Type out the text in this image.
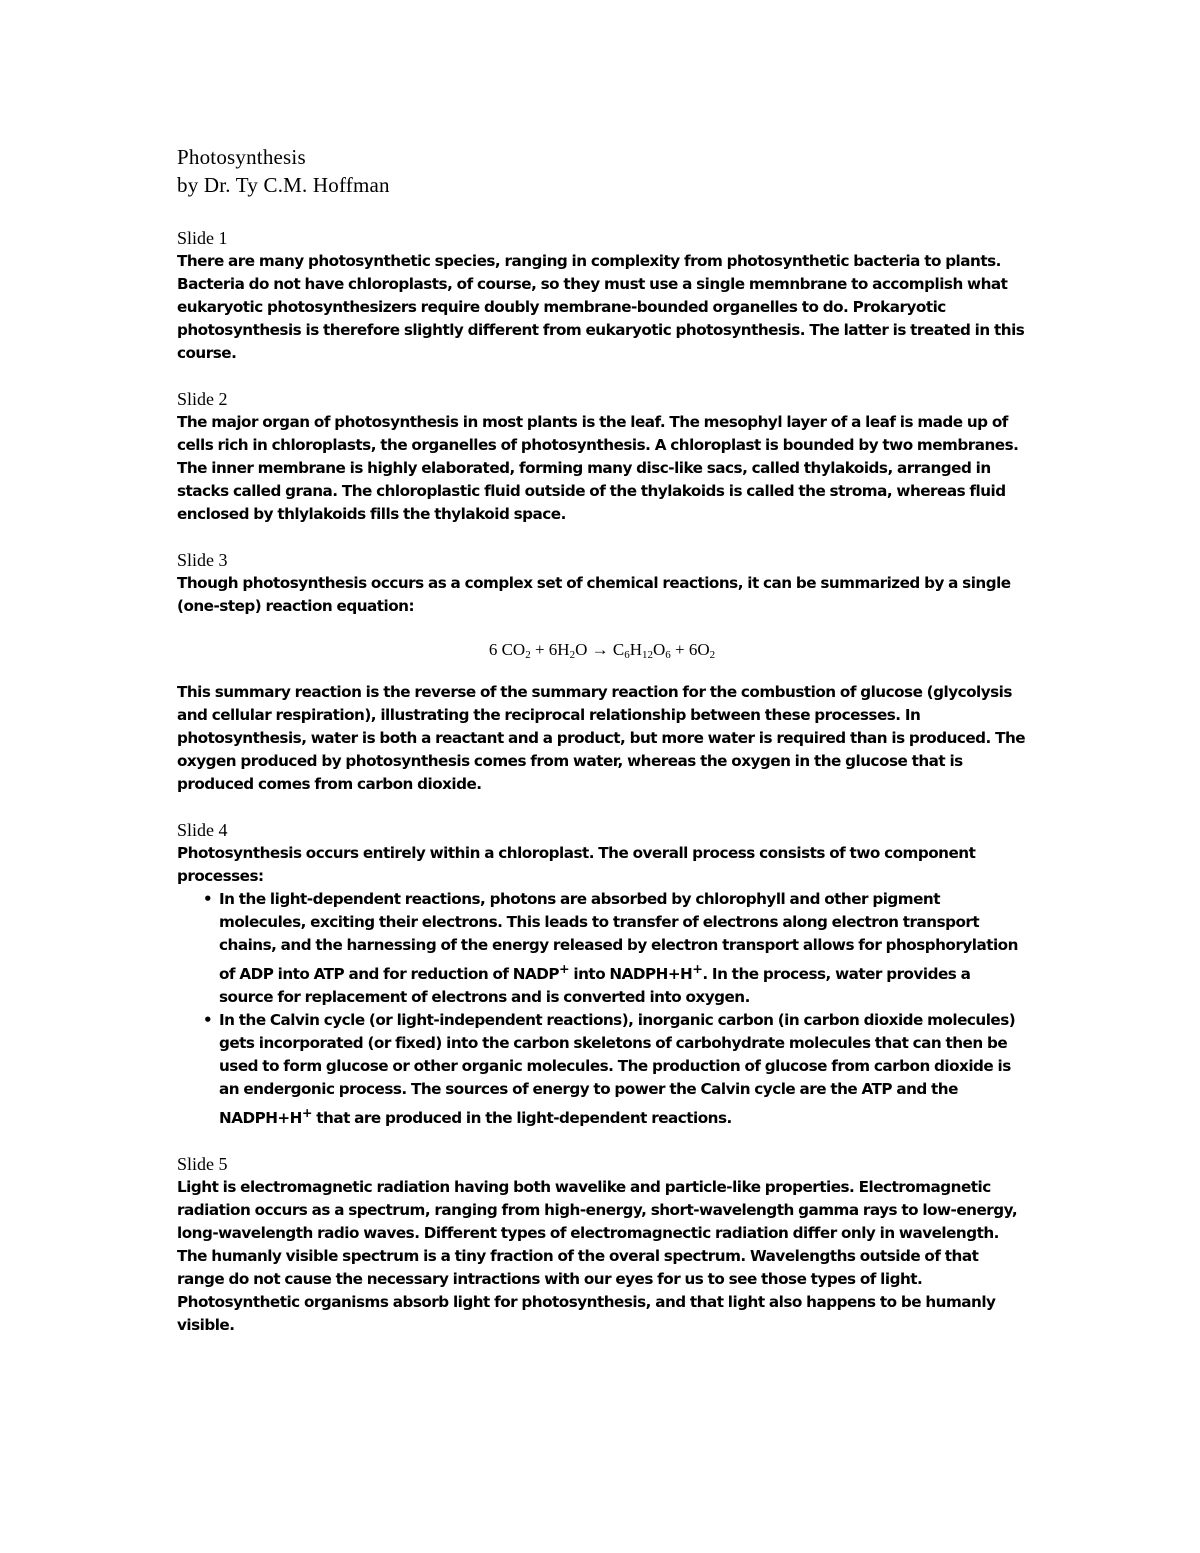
Photosynthesis
by Dr. Ty C.M. Hoffman
Slide 1
There are many photosynthetic species, ranging in complexity from photosynthetic bacteria to plants. Bacteria do not have chloroplasts, of course, so they must use a single memnbrane to accomplish what eukaryotic photosynthesizers require doubly membrane-bounded organelles to do. Prokaryotic photosynthesis is therefore slightly different from eukaryotic photosynthesis. The latter is treated in this course.
Slide 2
The major organ of photosynthesis in most plants is the leaf. The mesophyl layer of a leaf is made up of cells rich in chloroplasts, the organelles of photosynthesis. A chloroplast is bounded by two membranes. The inner membrane is highly elaborated, forming many disc-like sacs, called thylakoids, arranged in stacks called grana. The chloroplastic fluid outside of the thylakoids is called the stroma, whereas fluid enclosed by thlylakoids fills the thylakoid space.
Slide 3
Though photosynthesis occurs as a complex set of chemical reactions, it can be summarized by a single (one-step) reaction equation:
6 $CO_2 + 6H_2O \to C_6H_{12}O_6 + 6O_2$
This summary reaction is the reverse of the summary reaction for the combustion of glucose (glycolysis and cellular respiration), illustrating the reciprocal relationship between these processes. In photosynthesis, water is both a reactant and a product, but more water is required than is produced. The oxygen produced by photosynthesis comes from water, whereas the oxygen in the glucose that is produced comes from carbon dioxide.
Slide 4
Photosynthesis occurs entirely within a chloroplast. The overall process consists of two component processes:
• In the light-dependent reactions, photons are absorbed by chlorophyll and other pigment molecules, exciting their electrons. This leads to transfer of electrons along electron transport chains, and the harnessing of the energy released by electron transport allows for phosphorylation of ADP into ATP and for reduction of NADP+ into NADPH+H+. In the process, water provides a source for replacement of electrons and is converted into oxygen.
• In the Calvin cycle (or light-independent reactions), inorganic carbon (in carbon dioxide molecules) gets incorporated (or fixed) into the carbon skeletons of carbohydrate molecules that can then be used to form glucose or other organic molecules. The production of glucose from carbon dioxide is an endergonic process. The sources of energy to power the Calvin cycle are the ATP and the NADPH+H+ that are produced in the light-dependent reactions.
Slide 5
Light is electromagnetic radiation having both wavelike and particle-like properties. Electromagnetic radiation occurs as a spectrum, ranging from high-energy, short-wavelength gamma rays to low-energy, long-wavelength radio waves. Different types of electromagnectic radiation differ only in wavelength. The humanly visible spectrum is a tiny fraction of the overal spectrum. Wavelengths outside of that range do not cause the necessary intractions with our eyes for us to see those types of light. Photosynthetic organisms absorb light for photosynthesis, and that light also happens to be humanly visible.
